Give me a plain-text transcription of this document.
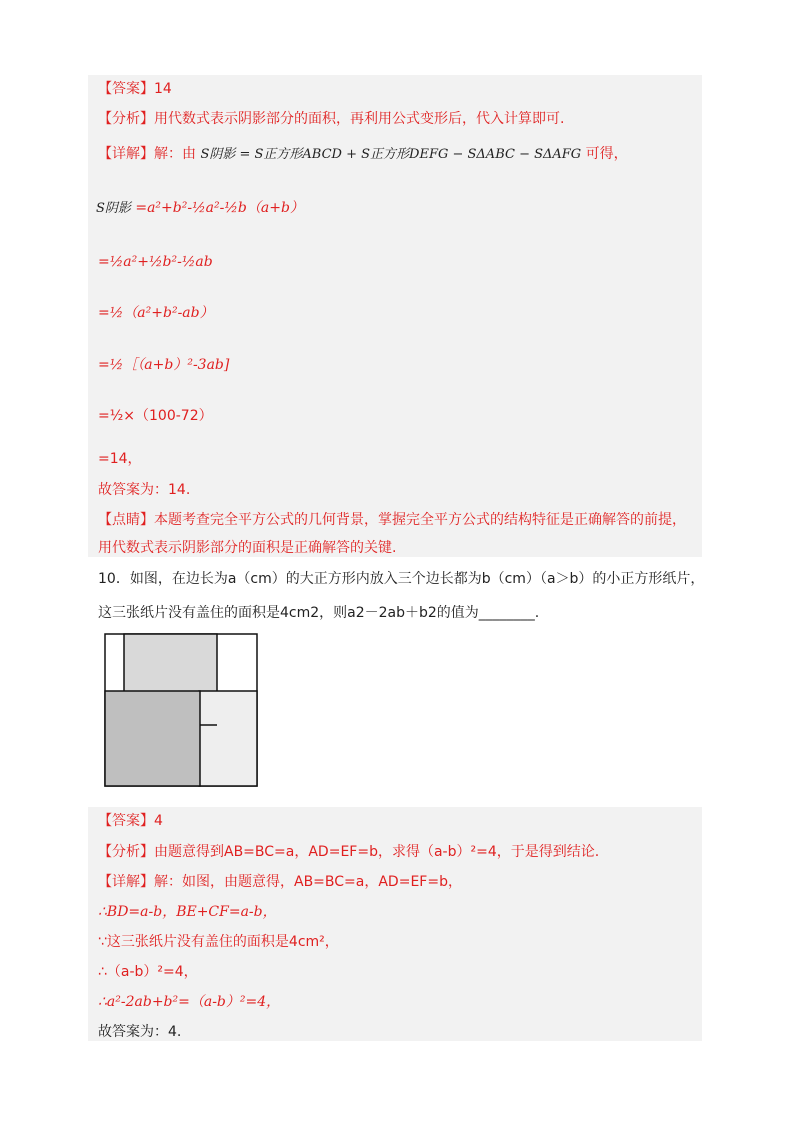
【答案】14
【分析】用代数式表示阴影部分的面积，再利用公式变形后，代入计算即可.
【详解】解：由 S阴影 = S正方形ABCD + S正方形DEFG − SΔABC − SΔAFG 可得，
S阴影 =a²+b²-½a²-½b（a+b）
=½a²+½b²-½ab
=½（a²+b²-ab）
=½［（a+b）²-3ab]
=½×（100-72）
=14，
故答案为：14.
【点睛】本题考查完全平方公式的几何背景，掌握完全平方公式的结构特征是正确解答的前提，
用代数式表示阴影部分的面积是正确解答的关键.
10．如图，在边长为a（cm）的大正方形内放入三个边长都为b（cm）（a＞b）的小正方形纸片，
这三张纸片没有盖住的面积是4cm2，则a2－2ab＋b2的值为________.
【答案】4
【分析】由题意得到AB=BC=a，AD=EF=b，求得（a-b）²=4，于是得到结论.
【详解】解：如图，由题意得，AB=BC=a，AD=EF=b，
∴BD=a-b，BE+CF=a-b，
∵这三张纸片没有盖住的面积是4cm²，
∴（a-b）²=4，
∴a²-2ab+b²=（a-b）²=4，
故答案为：4.
